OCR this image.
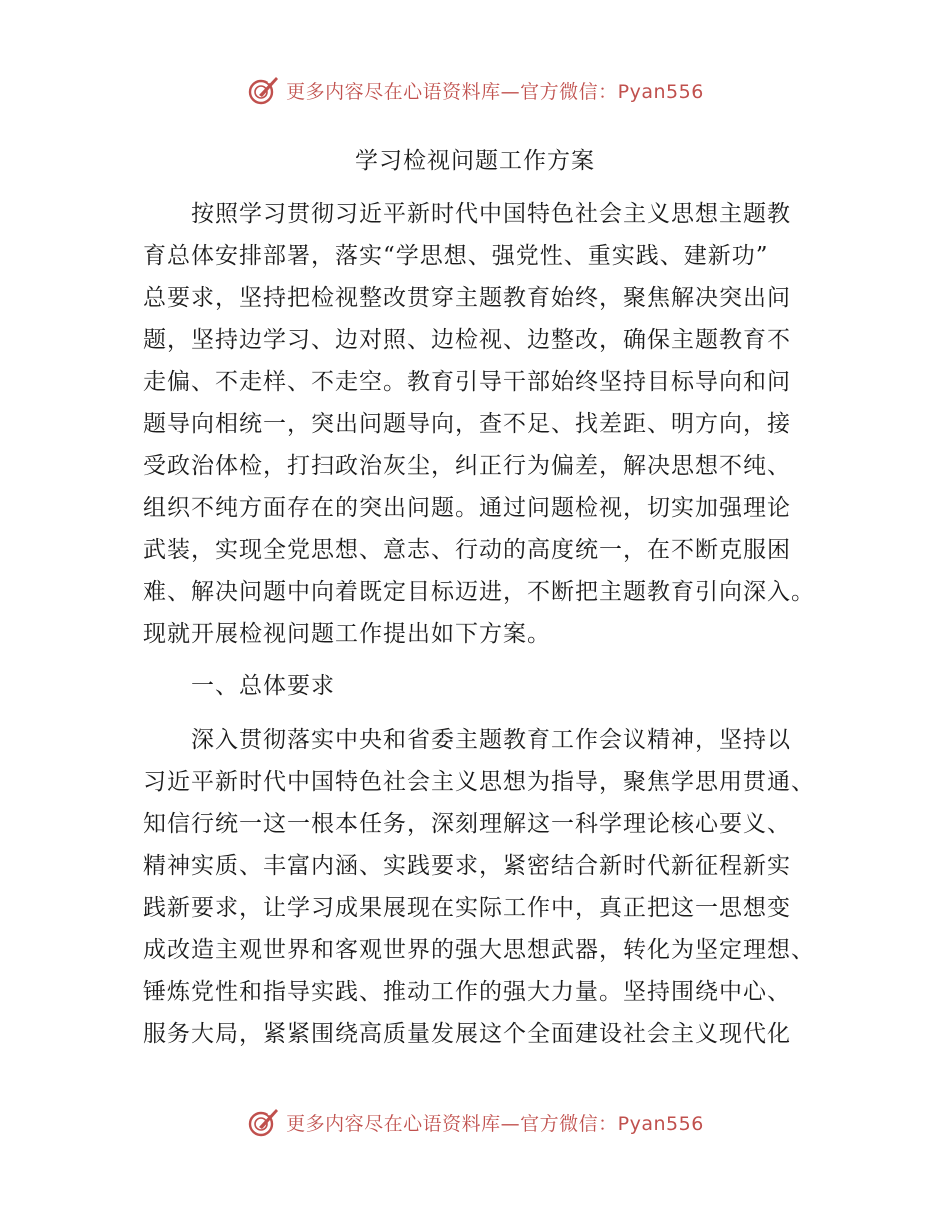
更多内容尽在心语资料库—官方微信：Pyan556
学习检视问题工作方案
按照学习贯彻习近平新时代中国特色社会主义思想主题教
育总体安排部署，落实“学思想、强党性、重实践、建新功”
总要求，坚持把检视整改贯穿主题教育始终，聚焦解决突出问
题，坚持边学习、边对照、边检视、边整改，确保主题教育不
走偏、不走样、不走空。教育引导干部始终坚持目标导向和问
题导向相统一，突出问题导向，查不足、找差距、明方向，接
受政治体检，打扫政治灰尘，纠正行为偏差，解决思想不纯、
组织不纯方面存在的突出问题。通过问题检视，切实加强理论
武装，实现全党思想、意志、行动的高度统一，在不断克服困
难、解决问题中向着既定目标迈进，不断把主题教育引向深入。
现就开展检视问题工作提出如下方案。
一、总体要求
深入贯彻落实中央和省委主题教育工作会议精神，坚持以
习近平新时代中国特色社会主义思想为指导，聚焦学思用贯通、
知信行统一这一根本任务，深刻理解这一科学理论核心要义、
精神实质、丰富内涵、实践要求，紧密结合新时代新征程新实
践新要求，让学习成果展现在实际工作中，真正把这一思想变
成改造主观世界和客观世界的强大思想武器，转化为坚定理想、
锤炼党性和指导实践、推动工作的强大力量。坚持围绕中心、
服务大局，紧紧围绕高质量发展这个全面建设社会主义现代化
更多内容尽在心语资料库—官方微信：Pyan556
